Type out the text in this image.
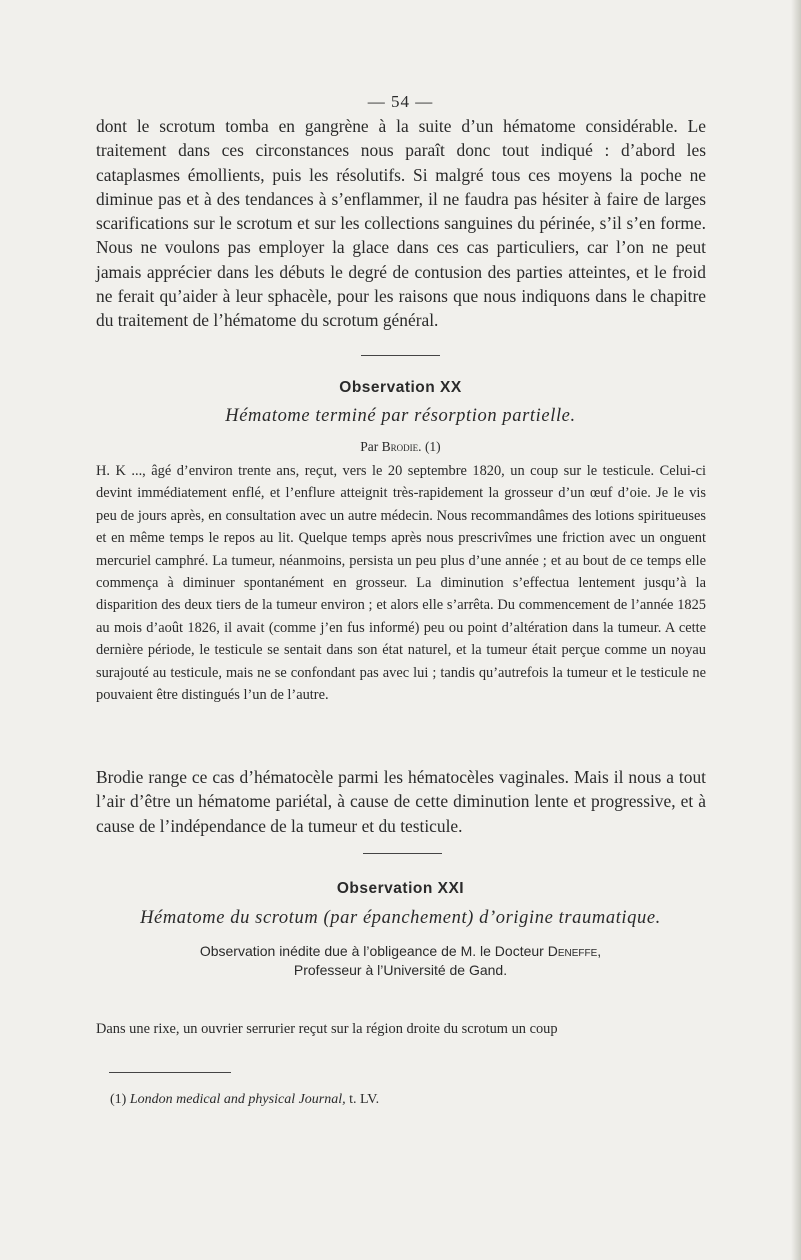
— 54 —

dont le scrotum tomba en gangrène à la suite d’un hématome considérable. Le traitement dans ces circonstances nous paraît donc tout indiqué : d’abord les cataplasmes émollients, puis les résolutifs. Si malgré tous ces moyens la poche ne diminue pas et à des tendances à s’enflammer, il ne faudra pas hésiter à faire de larges scarifications sur le scrotum et sur les collections sanguines du périnée, s’il s’en forme. Nous ne voulons pas employer la glace dans ces cas particuliers, car l’on ne peut jamais apprécier dans les débuts le degré de contusion des parties atteintes, et le froid ne ferait qu’aider à leur sphacèle, pour les raisons que nous indiquons dans le chapitre du traitement de l’hématome du scrotum général.

Observation XX
Hématome terminé par résorption partielle.
Par Brodie. (1)

H. K ..., âgé d’environ trente ans, reçut, vers le 20 septembre 1820, un coup sur le testicule. Celui-ci devint immédiatement enflé, et l’enflure atteignit très-rapidement la grosseur d’un œuf d’oie. Je le vis peu de jours après, en consultation avec un autre médecin. Nous recommandâmes des lotions spiritueuses et en même temps le repos au lit. Quelque temps après nous prescrivîmes une friction avec un onguent mercuriel camphré. La tumeur, néanmoins, persista un peu plus d’une année ; et au bout de ce temps elle commença à diminuer spontanément en grosseur. La diminution s’effectua lentement jusqu’à la disparition des deux tiers de la tumeur environ ; et alors elle s’arrêta. Du commencement de l’année 1825 au mois d’août 1826, il avait (comme j’en fus informé) peu ou point d’altération dans la tumeur. A cette dernière période, le testicule se sentait dans son état naturel, et la tumeur était perçue comme un noyau surajouté au testicule, mais ne se confondant pas avec lui ; tandis qu’autrefois la tumeur et le testicule ne pouvaient être distingués l’un de l’autre.

Brodie range ce cas d’hématocèle parmi les hématocèles vaginales. Mais il nous a tout l’air d’être un hématome pariétal, à cause de cette diminution lente et progressive, et à cause de l’indépendance de la tumeur et du testicule.

Observation XXI
Hématome du scrotum (par épanchement) d’origine traumatique.
Observation inédite due à l’obligeance de M. le Docteur Deneffe,
Professeur à l’Université de Gand.

Dans une rixe, un ouvrier serrurier reçut sur la région droite du scrotum un coup

(1) London medical and physical Journal, t. LV.
